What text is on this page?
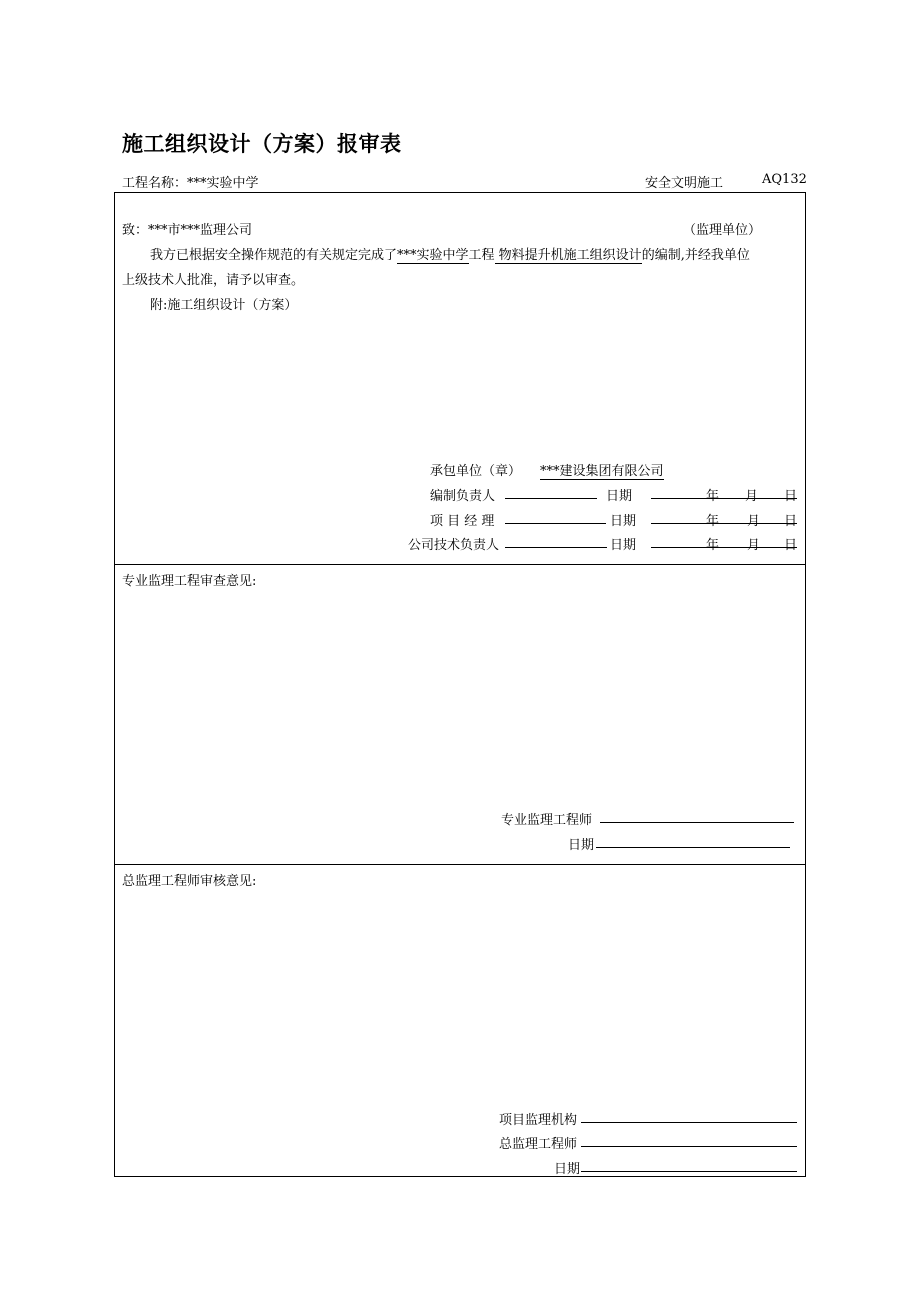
施工组织设计（方案）报审表
工程名称：***实验中学	安全文明施工	AQ132
致：***市***监理公司	（监理单位）
我方已根据安全操作规范的有关规定完成了***实验中学工程 物料提升机施工组织设计的编制,并经我单位
上级技术人批准，请予以审查。
附:施工组织设计（方案）
承包单位（章） ***建设集团有限公司
编制负责人	日期	年 月 日
项 目 经 理	日期	年 月 日
公司技术负责人	日期	年 月 日
专业监理工程审查意见:
专业监理工程师
日期
总监理工程师审核意见:
项目监理机构
总监理工程师
日期
